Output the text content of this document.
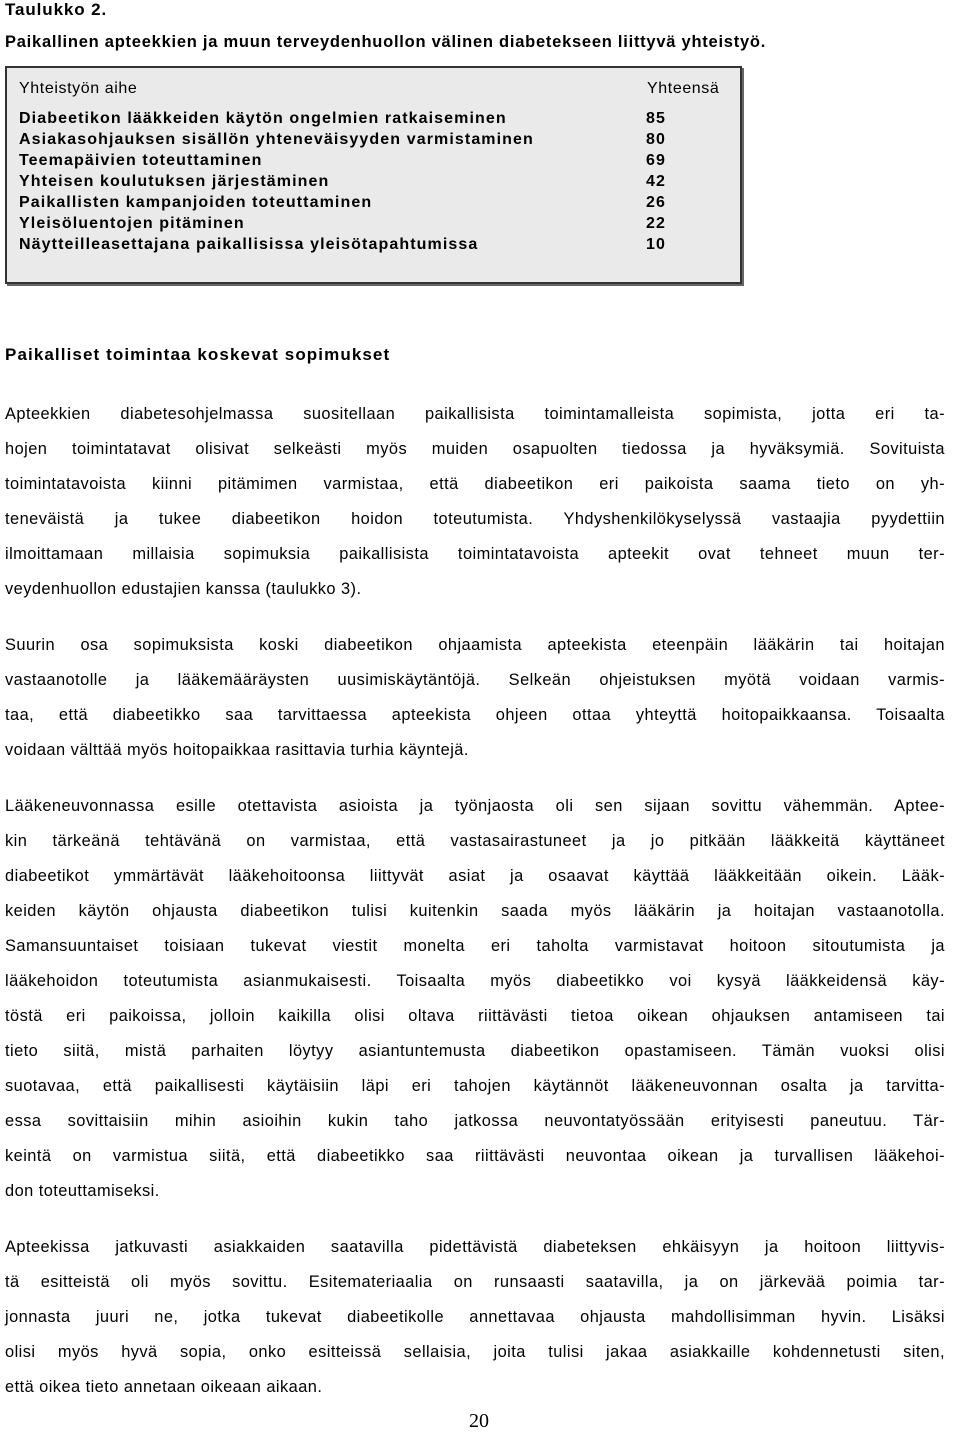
Taulukko 2.
Paikallinen apteekkien ja muun terveydenhuollon välinen diabetekseen liittyvä yhteistyö.
Yhteistyön aihe	Yhteensä
Diabeetikon lääkkeiden käytön ongelmien ratkaiseminen	85
Asiakasohjauksen sisällön yhteneväisyyden varmistaminen	80
Teemapäivien toteuttaminen	69
Yhteisen koulutuksen järjestäminen	42
Paikallisten kampanjoiden toteuttaminen	26
Yleisöluentojen pitäminen	22
Näytteilleasettajana paikallisissa yleisötapahtumissa	10
Paikalliset toimintaa koskevat sopimukset
Apteekkien diabetesohjelmassa suositellaan paikallisista toimintamalleista sopimista, jotta eri ta-
hojen toimintatavat olisivat selkeästi myös muiden osapuolten tiedossa ja hyväksymiä. Sovituista
toimintatavoista kiinni pitämimen varmistaa, että diabeetikon eri paikoista saama tieto on yh-
teneväistä ja tukee diabeetikon hoidon toteutumista. Yhdyshenkilökyselyssä vastaajia pyydettiin
ilmoittamaan millaisia sopimuksia paikallisista toimintatavoista apteekit ovat tehneet muun ter-
veydenhuollon edustajien kanssa (taulukko 3).
Suurin osa sopimuksista koski diabeetikon ohjaamista apteekista eteenpäin lääkärin tai hoitajan
vastaanotolle ja lääkemääräysten uusimiskäytäntöjä. Selkeän ohjeistuksen myötä voidaan varmis-
taa, että diabeetikko saa tarvittaessa apteekista ohjeen ottaa yhteyttä hoitopaikkaansa. Toisaalta
voidaan välttää myös hoitopaikkaa rasittavia turhia käyntejä.
Lääkeneuvonnassa esille otettavista asioista ja työnjaosta oli sen sijaan sovittu vähemmän. Aptee-
kin tärkeänä tehtävänä on varmistaa, että vastasairastuneet ja jo pitkään lääkkeitä käyttäneet
diabeetikot ymmärtävät lääkehoitoonsa liittyvät asiat ja osaavat käyttää lääkkeitään oikein. Lääk-
keiden käytön ohjausta diabeetikon tulisi kuitenkin saada myös lääkärin ja hoitajan vastaanotolla.
Samansuuntaiset toisiaan tukevat viestit monelta eri taholta varmistavat hoitoon sitoutumista ja
lääkehoidon toteutumista asianmukaisesti. Toisaalta myös diabeetikko voi kysyä lääkkeidensä käy-
töstä eri paikoissa, jolloin kaikilla olisi oltava riittävästi tietoa oikean ohjauksen antamiseen tai
tieto siitä, mistä parhaiten löytyy asiantuntemusta diabeetikon opastamiseen. Tämän vuoksi olisi
suotavaa, että paikallisesti käytäisiin läpi eri tahojen käytännöt lääkeneuvonnan osalta ja tarvitta-
essa sovittaisiin mihin asioihin kukin taho jatkossa neuvontatyössään erityisesti paneutuu. Tär-
keintä on varmistua siitä, että diabeetikko saa riittävästi neuvontaa oikean ja turvallisen lääkehoi-
don toteuttamiseksi.
Apteekissa jatkuvasti asiakkaiden saatavilla pidettävistä diabeteksen ehkäisyyn ja hoitoon liittyvis-
tä esitteistä oli myös sovittu. Esitemateriaalia on runsaasti saatavilla, ja on järkevää poimia tar-
jonnasta juuri ne, jotka tukevat diabeetikolle annettavaa ohjausta mahdollisimman hyvin. Lisäksi
olisi myös hyvä sopia, onko esitteissä sellaisia, joita tulisi jakaa asiakkaille kohdennetusti siten,
että oikea tieto annetaan oikeaan aikaan.
20
